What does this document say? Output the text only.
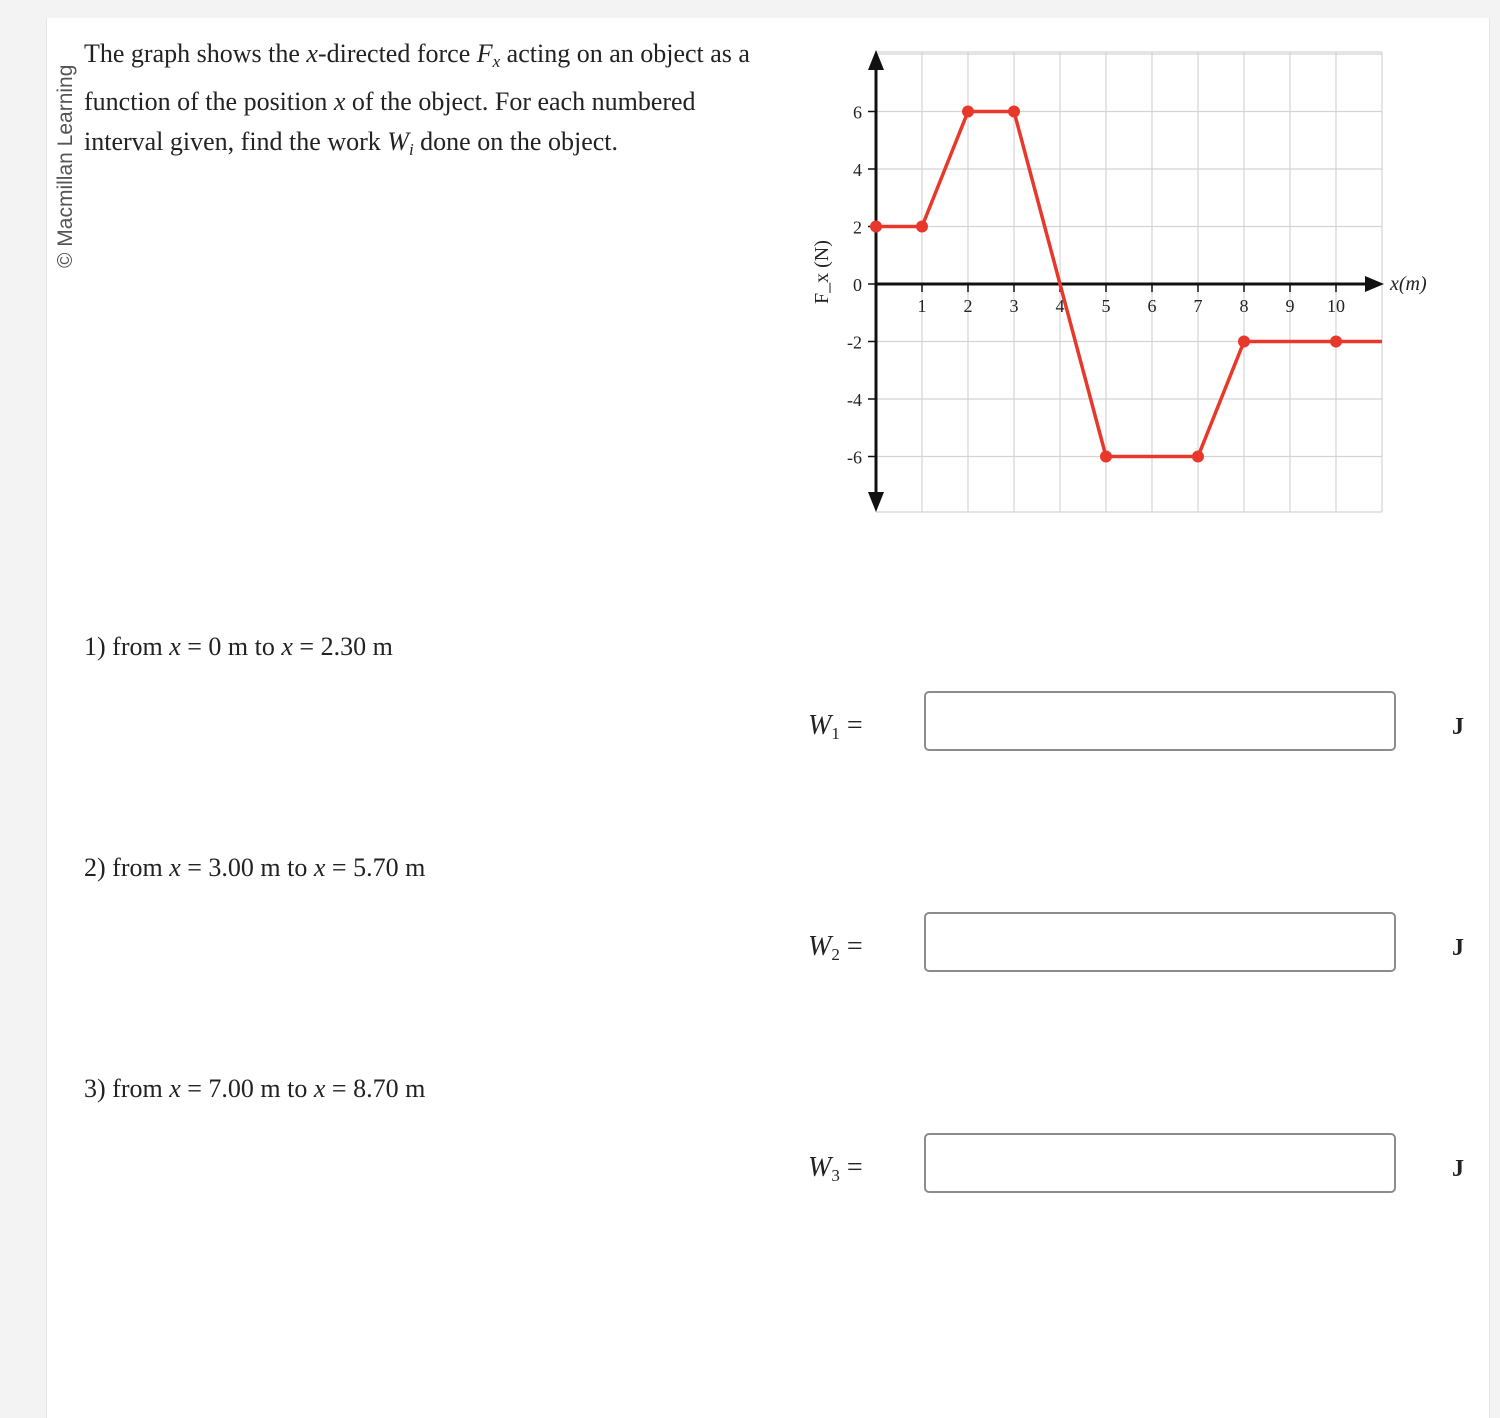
© Macmillan Learning
The graph shows the x-directed force $F_x$ acting on an object as a function of the position x of the object. For each numbered interval given, find the work $W_i$ done on the object.
6
4
2
0
-2
-4
-6
1 2 3 4 5 6 7 8 9 10
x(m)
F_x (N)
1) from x = 0 m to x = 2.30 m
W1 =	J
2) from x = 3.00 m to x = 5.70 m
W2 =	J
3) from x = 7.00 m to x = 8.70 m
W3 =	J
